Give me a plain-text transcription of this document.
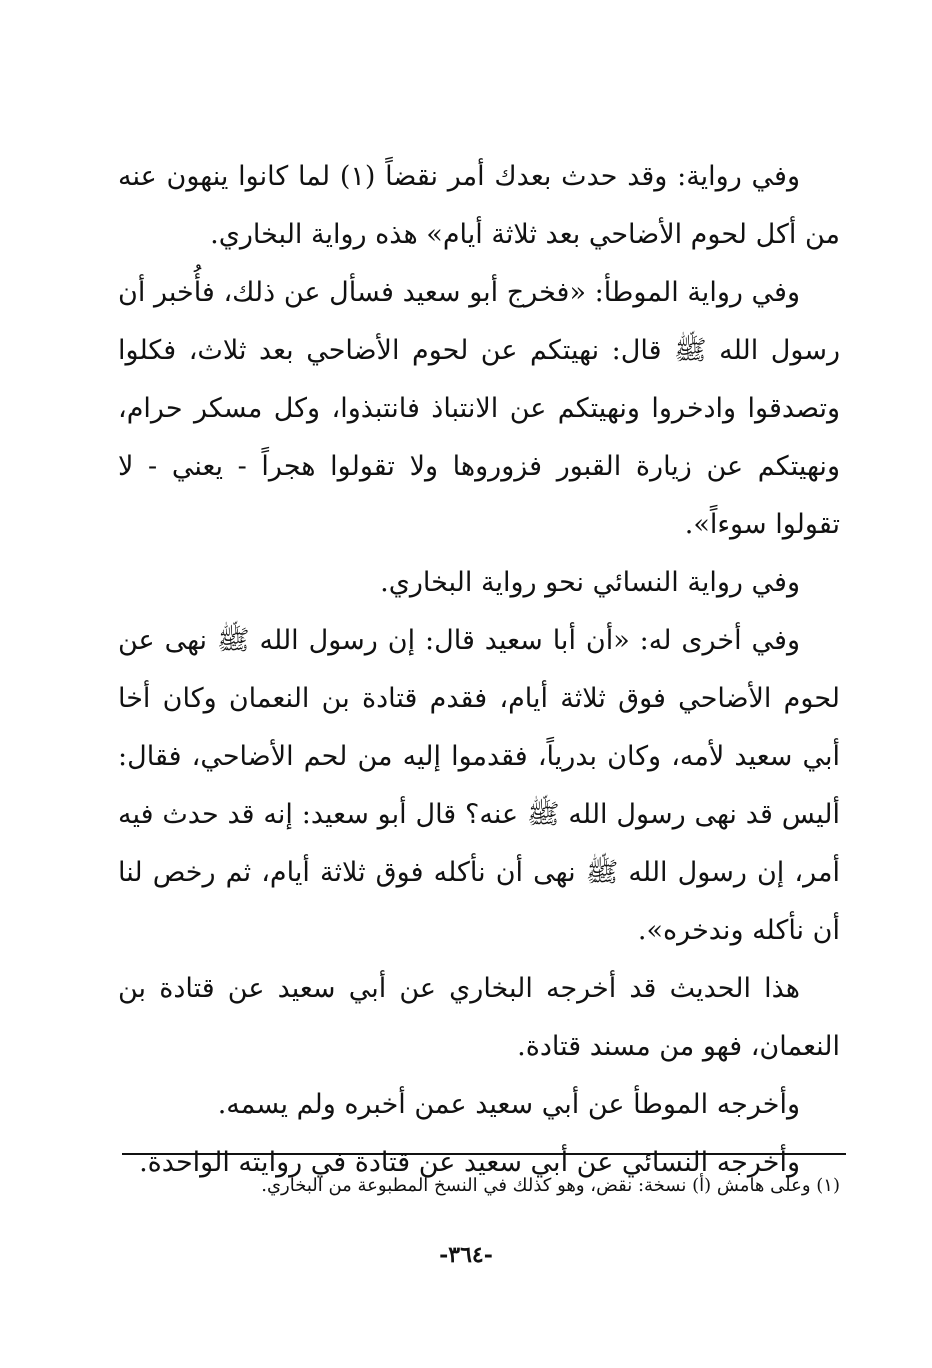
وفي رواية: وقد حدث بعدك أمر نقضاً (١) لما كانوا ينهون عنه من أكل لحوم الأضاحي بعد ثلاثة أيام» هذه رواية البخاري.

وفي رواية الموطأ: «فخرج أبو سعيد فسأل عن ذلك، فأُخبر أن رسول الله ﷺ قال: نهيتكم عن لحوم الأضاحي بعد ثلاث، فكلوا وتصدقوا وادخروا ونهيتكم عن الانتباذ فانتبذوا، وكل مسكر حرام، ونهيتكم عن زيارة القبور فزوروها ولا تقولوا هجراً - يعني - لا تقولوا سوءاً».

وفي رواية النسائي نحو رواية البخاري.

وفي أخرى له: «أن أبا سعيد قال: إن رسول الله ﷺ نهى عن لحوم الأضاحي فوق ثلاثة أيام، فقدم قتادة بن النعمان وكان أخا أبي سعيد لأمه، وكان بدرياً، فقدموا إليه من لحم الأضاحي، فقال: أليس قد نهى رسول الله ﷺ عنه؟ قال أبو سعيد: إنه قد حدث فيه أمر، إن رسول الله ﷺ نهى أن نأكله فوق ثلاثة أيام، ثم رخص لنا أن نأكله وندخره».

هذا الحديث قد أخرجه البخاري عن أبي سعيد عن قتادة بن النعمان، فهو من مسند قتادة.

وأخرجه الموطأ عن أبي سعيد عمن أخبره ولم يسمه.

وأخرجه النسائي عن أبي سعيد عن قتادة في روايته الواحدة.

(١) وعلى هامش (أ) نسخة: نقض، وهو كذلك في النسخ المطبوعة من البخاري.
-٣٦٤-
